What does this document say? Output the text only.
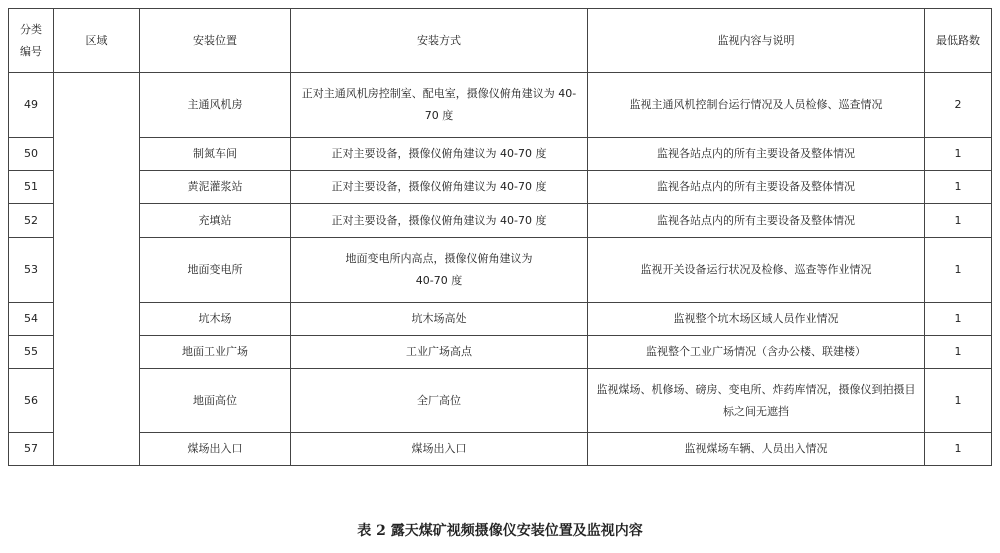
分类编号	区域	安装位置	安装方式	监视内容与说明	最低路数
49		主通风机房	正对主通风机房控制室、配电室，摄像仪俯角建议为 40-70 度	监视主通风机控制台运行情况及人员检修、巡查情况	2
50		制氮车间	正对主要设备，摄像仪俯角建议为 40-70 度	监视各站点内的所有主要设备及整体情况	1
51		黄泥灌浆站	正对主要设备，摄像仪俯角建议为 40-70 度	监视各站点内的所有主要设备及整体情况	1
52		充填站	正对主要设备，摄像仪俯角建议为 40-70 度	监视各站点内的所有主要设备及整体情况	1
53		地面变电所	地面变电所内高点，摄像仪俯角建议为 40-70 度	监视开关设备运行状况及检修、巡查等作业情况	1
54		坑木场	坑木场高处	监视整个坑木场区域人员作业情况	1
55		地面工业广场	工业广场高点	监视整个工业广场情况（含办公楼、联建楼）	1
56		地面高位	全厂高位	监视煤场、机修场、磅房、变电所、炸药库情况，摄像仪到拍摄目标之间无遮挡	1
57		煤场出入口	煤场出入口	监视煤场车辆、人员出入情况	1
表 2 露天煤矿视频摄像仪安装位置及监视内容
